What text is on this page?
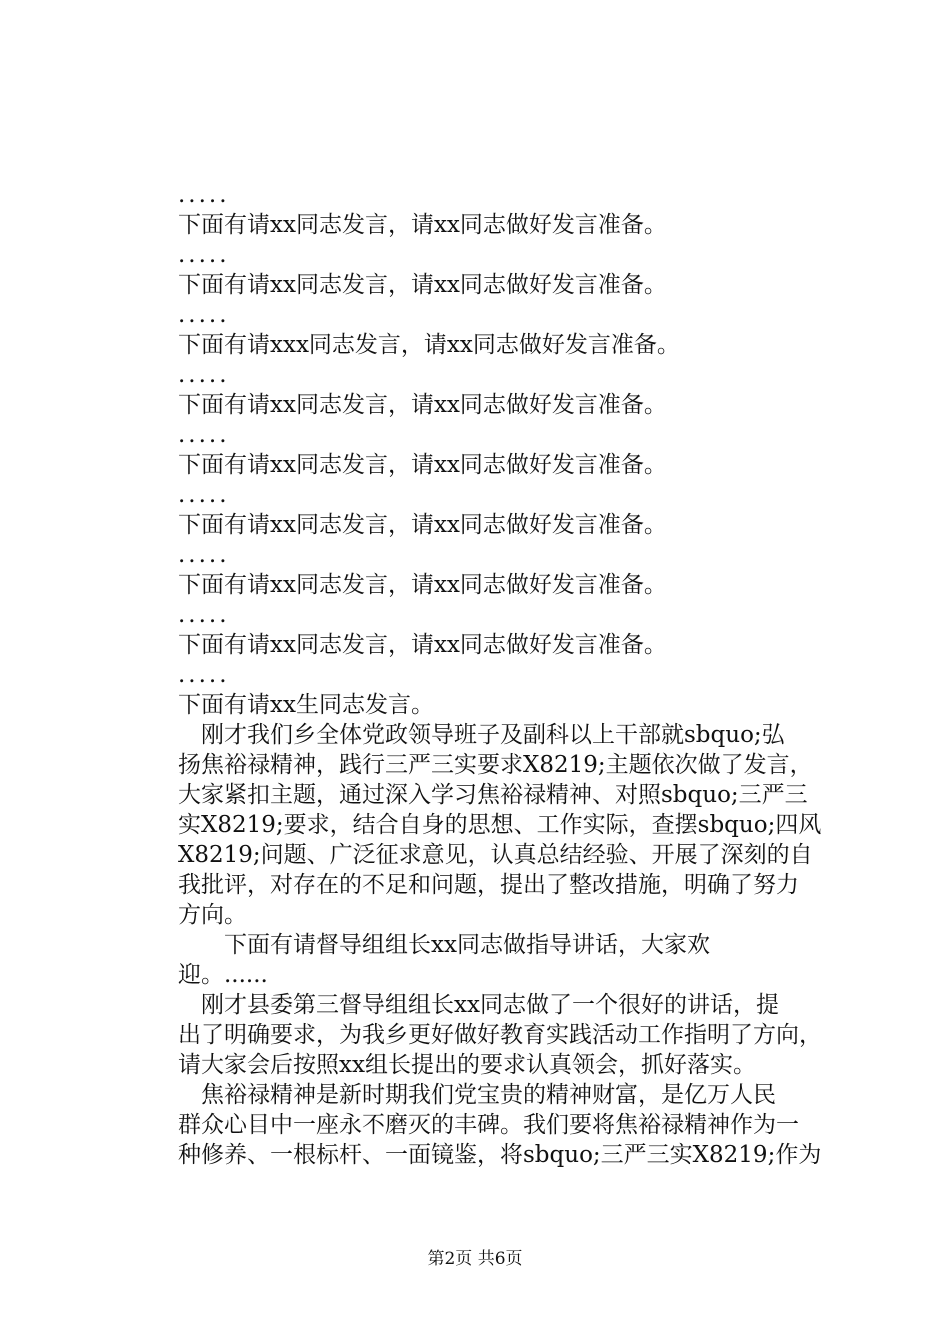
.....
下面有请xx同志发言，请xx同志做好发言准备。
.....
下面有请xx同志发言，请xx同志做好发言准备。
.....
下面有请xxx同志发言，请xx同志做好发言准备。
.....
下面有请xx同志发言，请xx同志做好发言准备。
.....
下面有请xx同志发言，请xx同志做好发言准备。
.....
下面有请xx同志发言，请xx同志做好发言准备。
.....
下面有请xx同志发言，请xx同志做好发言准备。
.....
下面有请xx同志发言，请xx同志做好发言准备。
.....
下面有请xx生同志发言。
　刚才我们乡全体党政领导班子及副科以上干部就sbquo;弘
扬焦裕禄精神，践行三严三实要求X8219;主题依次做了发言，
大家紧扣主题，通过深入学习焦裕禄精神、对照sbquo;三严三
实X8219;要求，结合自身的思想、工作实际，查摆sbquo;四风
X8219;问题、广泛征求意见，认真总结经验、开展了深刻的自
我批评，对存在的不足和问题，提出了整改措施，明确了努力
方向。
　　下面有请督导组组长xx同志做指导讲话，大家欢
迎。......
　刚才县委第三督导组组长xx同志做了一个很好的讲话，提
出了明确要求，为我乡更好做好教育实践活动工作指明了方向，
请大家会后按照xx组长提出的要求认真领会，抓好落实。
　焦裕禄精神是新时期我们党宝贵的精神财富，是亿万人民
群众心目中一座永不磨灭的丰碑。我们要将焦裕禄精神作为一
种修养、一根标杆、一面镜鉴，将sbquo;三严三实X8219;作为
第2页 共6页
